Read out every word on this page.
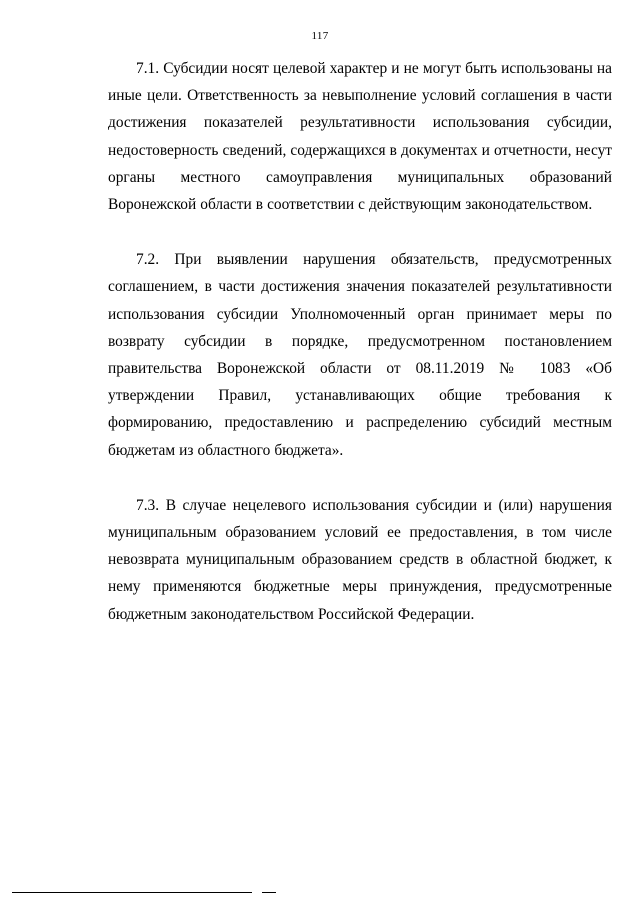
117

7.1. Субсидии носят целевой характер и не могут быть использованы на иные цели. Ответственность за невыполнение условий соглашения в части достижения показателей результативности использования субсидии, недостоверность сведений, содержащихся в документах и отчетности, несут органы местного самоуправления муниципальных образований Воронежской области в соответствии с действующим законодательством.

7.2. При выявлении нарушения обязательств, предусмотренных соглашением, в части достижения значения показателей результативности использования субсидии Уполномоченный орган принимает меры по возврату субсидии в порядке, предусмотренном постановлением правительства Воронежской области от 08.11.2019 № 1083 «Об утверждении Правил, устанавливающих общие требования к формированию, предоставлению и распределению субсидий местным бюджетам из областного бюджета».

7.3. В случае нецелевого использования субсидии и (или) нарушения муниципальным образованием условий ее предоставления, в том числе невозврата муниципальным образованием средств в областной бюджет, к нему применяются бюджетные меры принуждения, предусмотренные бюджетным законодательством Российской Федерации.
